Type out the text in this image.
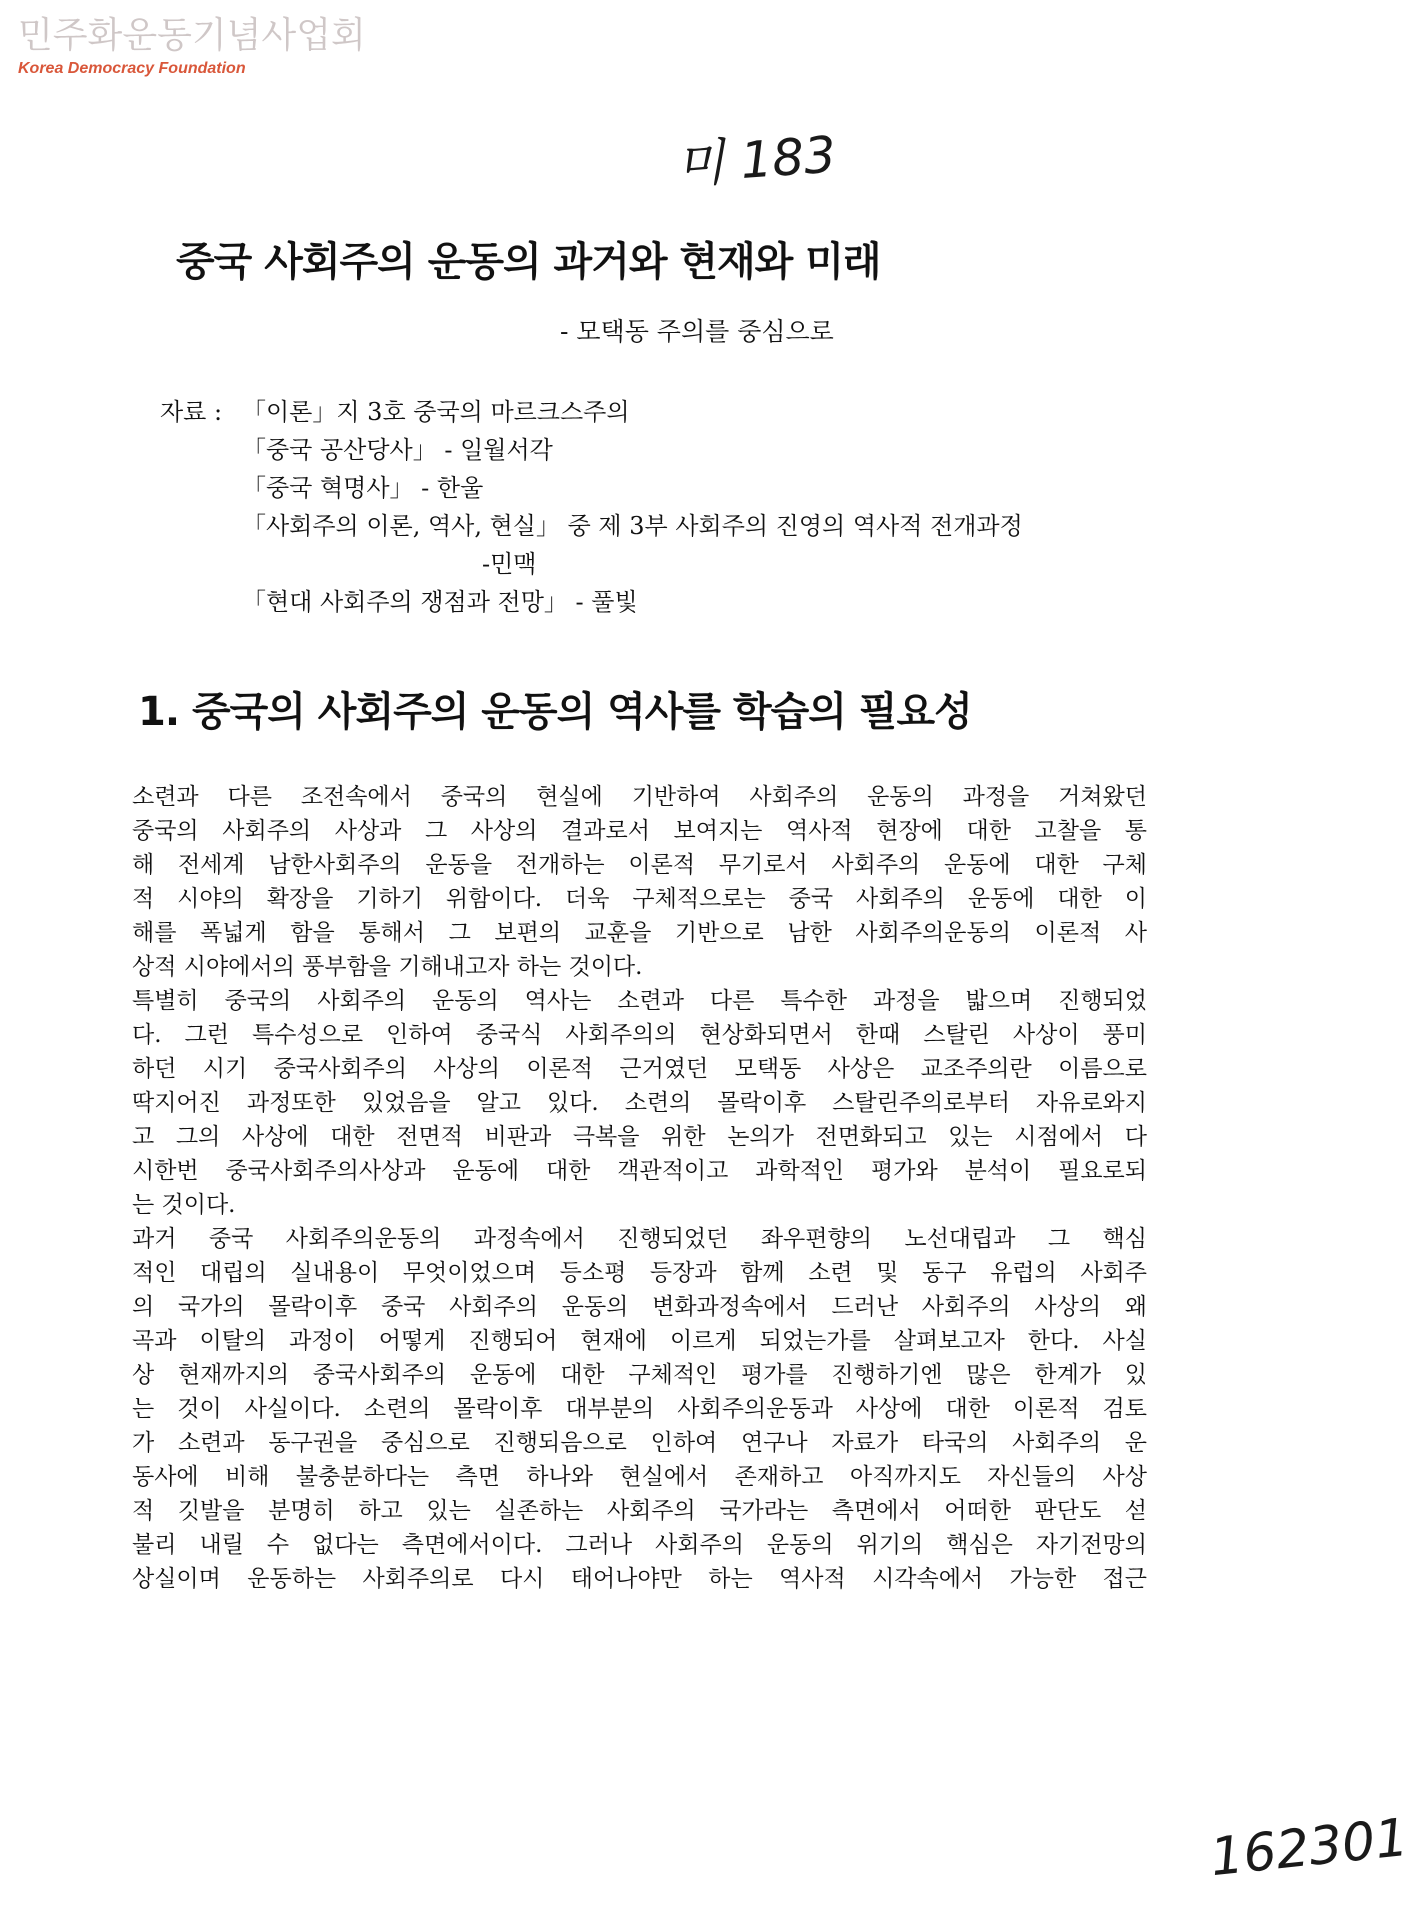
민주화운동기념사업회
Korea Democracy Foundation
미 183
중국 사회주의 운동의 과거와 현재와 미래
- 모택동 주의를 중심으로
자료 : 「이론」지 3호 중국의 마르크스주의
「중국 공산당사」 - 일월서각
「중국 혁명사」 - 한울
「사회주의 이론, 역사, 현실」 중 제 3부 사회주의 진영의 역사적 전개과정
-민맥
「현대 사회주의 쟁점과 전망」 - 풀빛
1. 중국의 사회주의 운동의 역사를 학습의 필요성
소련과 다른 조전속에서 중국의 현실에 기반하여 사회주의 운동의 과정을 거쳐왔던
중국의 사회주의 사상과 그 사상의 결과로서 보여지는 역사적 현장에 대한 고찰을 통
해 전세계 남한사회주의 운동을 전개하는 이론적 무기로서 사회주의 운동에 대한 구체
적 시야의 확장을 기하기 위함이다. 더욱 구체적으로는 중국 사회주의 운동에 대한 이
해를 폭넓게 함을 통해서 그 보편의 교훈을 기반으로 남한 사회주의운동의 이론적 사
상적 시야에서의 풍부함을 기해내고자 하는 것이다.
특별히 중국의 사회주의 운동의 역사는 소련과 다른 특수한 과정을 밟으며 진행되었
다. 그런 특수성으로 인하여 중국식 사회주의의 현상화되면서 한때 스탈린 사상이 풍미
하던 시기 중국사회주의 사상의 이론적 근거였던 모택동 사상은 교조주의란 이름으로
딱지어진 과정또한 있었음을 알고 있다. 소련의 몰락이후 스탈린주의로부터 자유로와지
고 그의 사상에 대한 전면적 비판과 극복을 위한 논의가 전면화되고 있는 시점에서 다
시한번 중국사회주의사상과 운동에 대한 객관적이고 과학적인 평가와 분석이 필요로되
는 것이다.
과거 중국 사회주의운동의 과정속에서 진행되었던 좌우편향의 노선대립과 그 핵심
적인 대립의 실내용이 무엇이었으며 등소평 등장과 함께 소련 및 동구 유럽의 사회주
의 국가의 몰락이후 중국 사회주의 운동의 변화과정속에서 드러난 사회주의 사상의 왜
곡과 이탈의 과정이 어떻게 진행되어 현재에 이르게 되었는가를 살펴보고자 한다. 사실
상 현재까지의 중국사회주의 운동에 대한 구체적인 평가를 진행하기엔 많은 한계가 있
는 것이 사실이다. 소련의 몰락이후 대부분의 사회주의운동과 사상에 대한 이론적 검토
가 소련과 동구권을 중심으로 진행되음으로 인하여 연구나 자료가 타국의 사회주의 운
동사에 비해 불충분하다는 측면 하나와 현실에서 존재하고 아직까지도 자신들의 사상
적 깃발을 분명히 하고 있는 실존하는 사회주의 국가라는 측면에서 어떠한 판단도 섣
불리 내릴 수 없다는 측면에서이다. 그러나 사회주의 운동의 위기의 핵심은 자기전망의
상실이며 운동하는 사회주의로 다시 태어나야만 하는 역사적 시각속에서 가능한 접근
162301
